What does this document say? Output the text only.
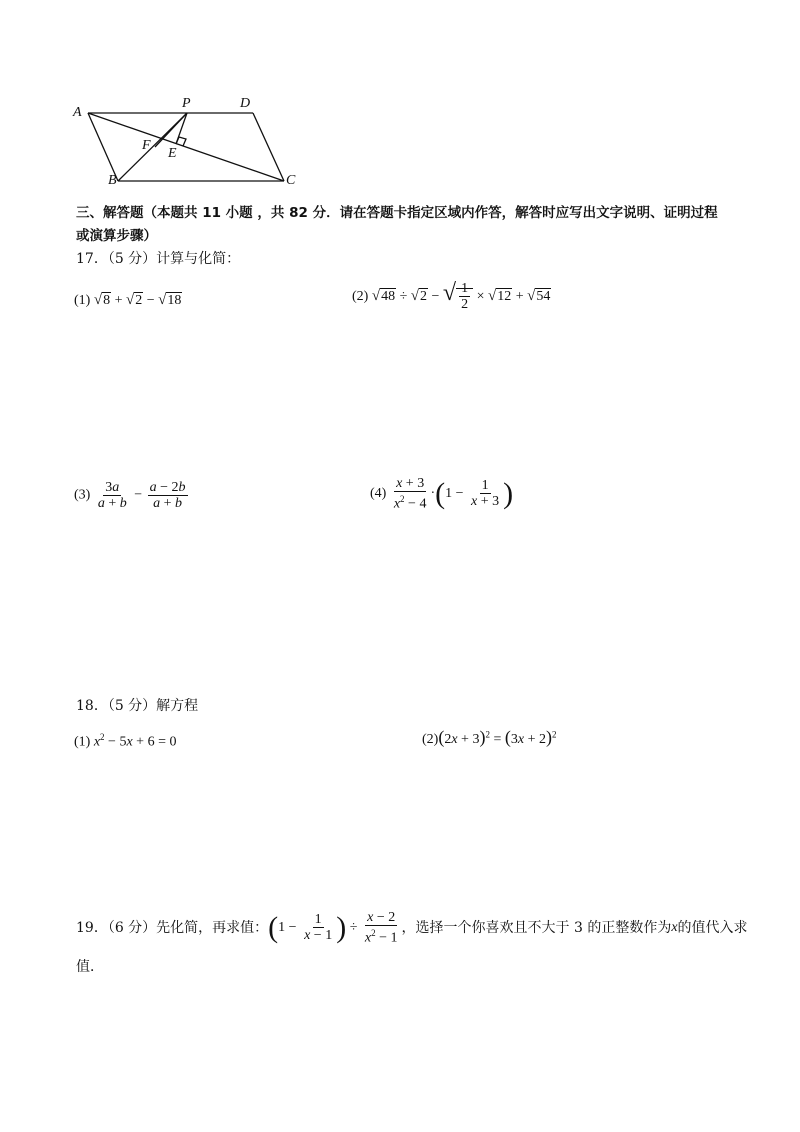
A
P	D
F
E
B	C
三、解答题（本题共 11 小题 ，共 82 分．请在答题卡指定区域内作答，解答时应写出文字说明、证明过程
或演算步骤）
17．（5 分）计算与化简：
(1) √8 + √2 − √18	(2) √48 ÷ √2 − √ $\frac{1}{2} \times √12 + √54$
$(3) \frac{3a}{a + b} - \frac{a - 2b}{a + b}$	$(4) \frac{x + 3}{x^2 - 4} \cdot(1 - \frac{1}{x + 3}$ )
18．（5 分）解方程
(1) $x^2 - 5x + 6 = 0$	$(2)(2x + 3)^2 = (3x + 2)^2$
19．（6 分）先化简，再求值： ($1 - \frac{1}{x - 1}$ ) ÷ $\frac{x - 2}{x^2 - 1}$ ，选择一个你喜欢且不大于 3 的正整数作为 x 的值代入求
值．
